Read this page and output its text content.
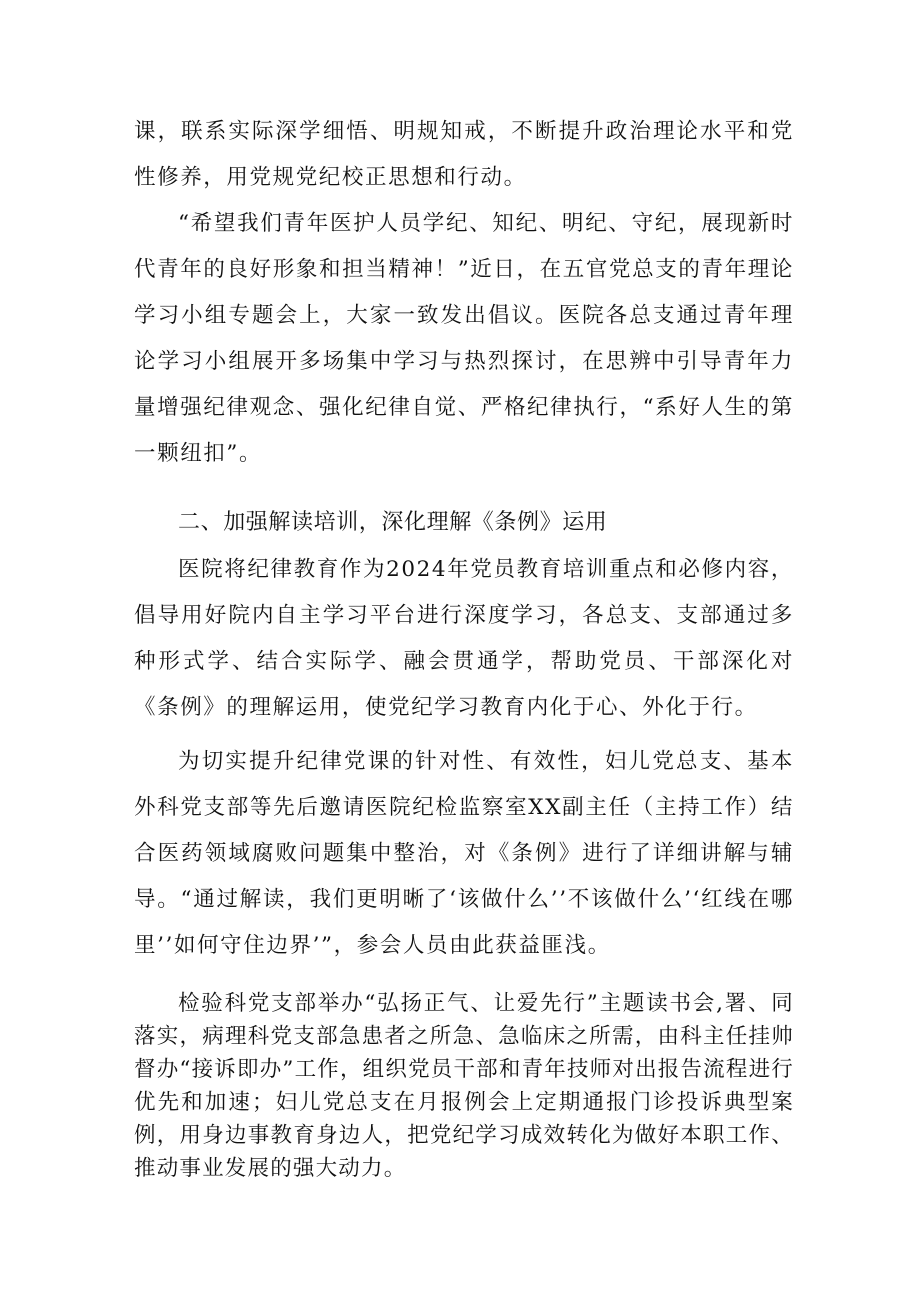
课，联系实际深学细悟、明规知戒，不断提升政治理论水平和党性修养，用党规党纪校正思想和行动。

“希望我们青年医护人员学纪、知纪、明纪、守纪，展现新时代青年的良好形象和担当精神！”近日，在五官党总支的青年理论学习小组专题会上，大家一致发出倡议。医院各总支通过青年理论学习小组展开多场集中学习与热烈探讨，在思辨中引导青年力量增强纪律观念、强化纪律自觉、严格纪律执行，“系好人生的第一颗纽扣”。

二、加强解读培训，深化理解《条例》运用

医院将纪律教育作为2024年党员教育培训重点和必修内容，倡导用好院内自主学习平台进行深度学习，各总支、支部通过多种形式学、结合实际学、融会贯通学，帮助党员、干部深化对《条例》的理解运用，使党纪学习教育内化于心、外化于行。

为切实提升纪律党课的针对性、有效性，妇儿党总支、基本外科党支部等先后邀请医院纪检监察室XX副主任（主持工作）结合医药领域腐败问题集中整治，对《条例》进行了详细讲解与辅导。“通过解读，我们更明晰了‘该做什么’’不该做什么’‘红线在哪里’’如何守住边界’”，参会人员由此获益匪浅。

检验科党支部举办“弘扬正气、让爱先行”主题读书会,署、同落实，病理科党支部急患者之所急、急临床之所需，由科主任挂帅督办“接诉即办”工作，组织党员干部和青年技师对出报告流程进行优先和加速；妇儿党总支在月报例会上定期通报门诊投诉典型案例，用身边事教育身边人，把党纪学习成效转化为做好本职工作、推动事业发展的强大动力。
